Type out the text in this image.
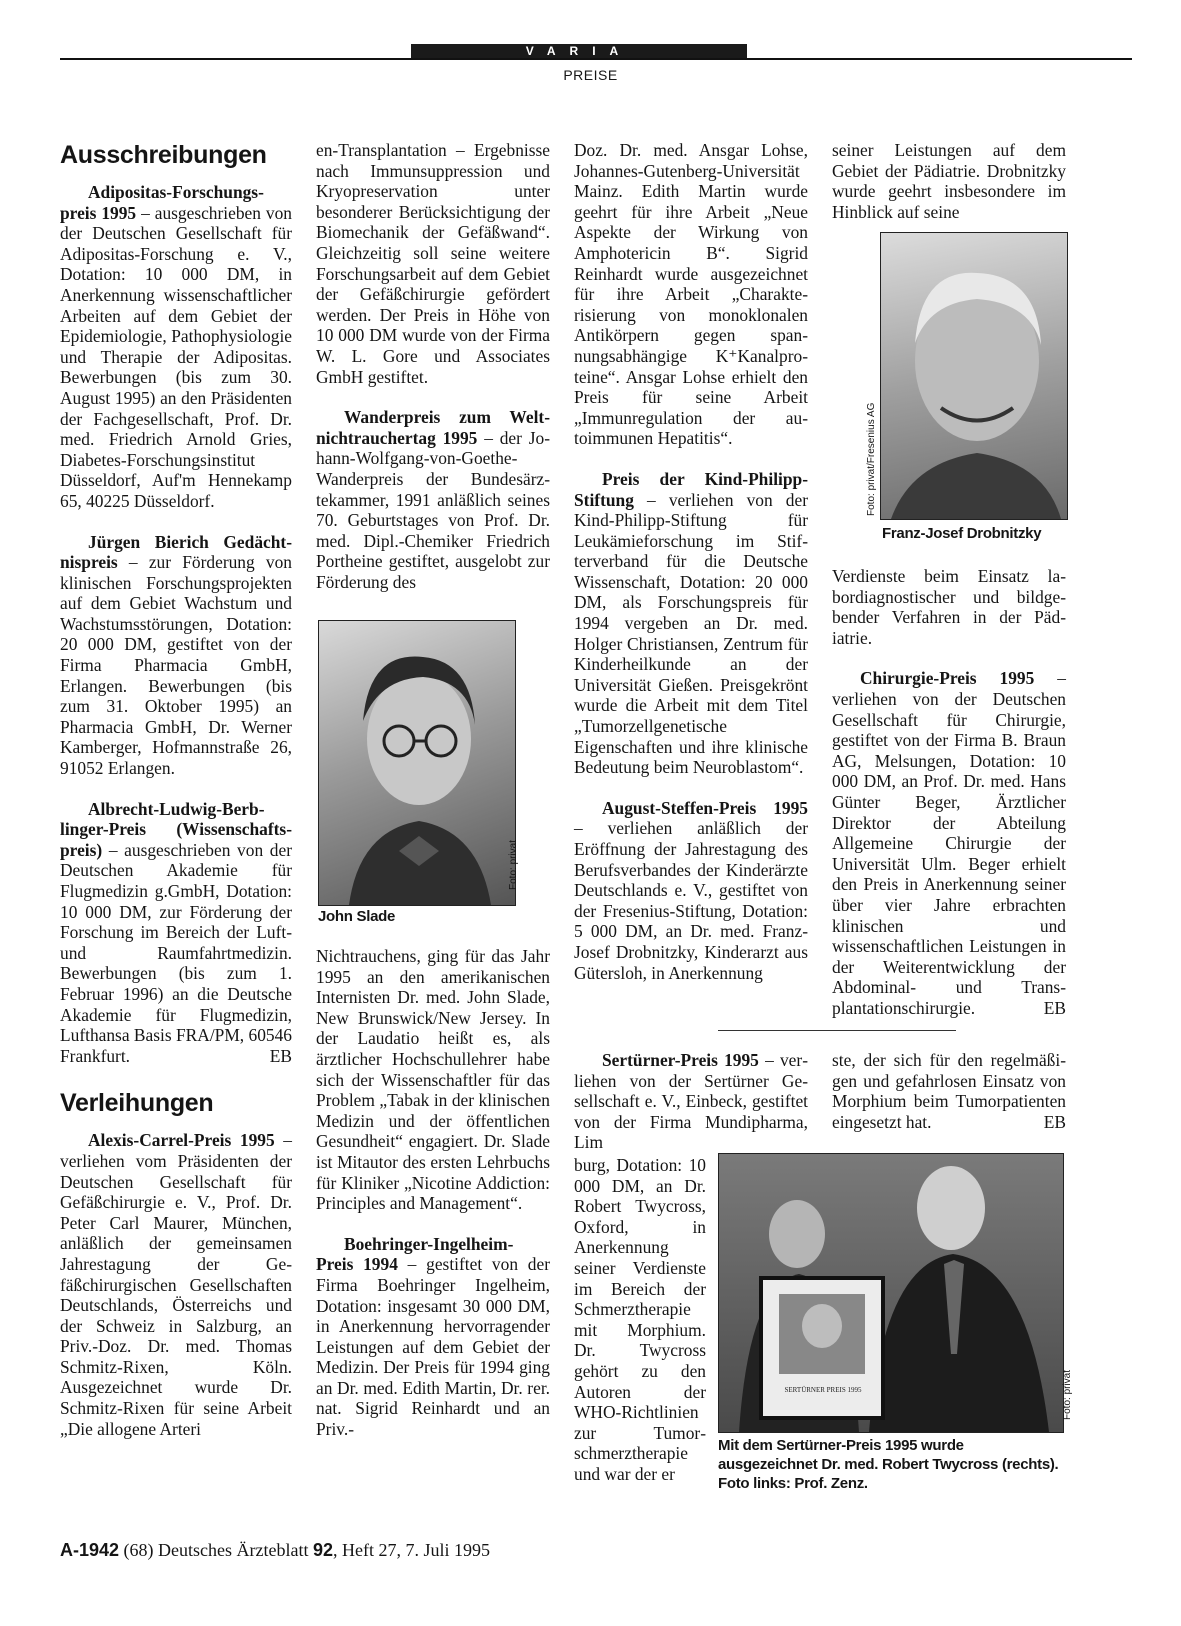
VARIA
PREISE
Ausschreibungen

Adipositas-Forschungspreis 1995 – ausgeschrieben von der Deutschen Gesellschaft für Adipositas-Forschung e. V., Dotation: 10 000 DM, in Anerkennung wissenschaftlicher Arbeiten auf dem Gebiet der Epidemiologie, Pathophysiologie und Therapie der Adipositas. Bewerbungen (bis zum 30. August 1995) an den Präsidenten der Fachgesellschaft, Prof. Dr. med. Friedrich Arnold Gries, Diabetes-Forschungsinstitut Düsseldorf, Auf'm Hennekamp 65, 40225 Düsseldorf.

Jürgen Bierich Gedächtnispreis – zur Förderung von klinischen Forschungsprojekten auf dem Gebiet Wachstum und Wachstumsstörungen, Dotation: 20 000 DM, gestiftet von der Firma Pharmacia GmbH, Erlangen. Bewerbungen (bis zum 31. Oktober 1995) an Pharmacia GmbH, Dr. Werner Kamberger, Hofmannstraße 26, 91052 Erlangen.

Albrecht-Ludwig-Berblinger-Preis (Wissenschaftspreis) – ausgeschrieben von der Deutschen Akademie für Flugmedizin g.GmbH, Dotation: 10 000 DM, zur Förderung der Forschung im Bereich der Luft- und Raumfahrtmedizin. Bewerbungen (bis zum 1. Februar 1996) an die Deutsche Akademie für Flugmedizin, Lufthansa Basis FRA/PM, 60546 Frankfurt.	EB

Verleihungen

Alexis-Carrel-Preis 1995 – verliehen vom Präsidenten der Deutschen Gesellschaft für Gefäßchirurgie e. V., Prof. Dr. Peter Carl Maurer, München, anläßlich der gemeinsamen Jahrestagung der Gefäßchirurgischen Gesellschaften Deutschlands, Österreichs und der Schweiz in Salzburg, an Priv.-Doz. Dr. med. Thomas Schmitz-Rixen, Köln. Ausgezeichnet wurde Dr. Schmitz-Rixen für seine Arbeit „Die allogene Arteri

en-Transplantation – Ergebnisse nach Immunsuppression und Kryopreservation unter besonderer Berücksichtigung der Biomechanik der Gefäßwand“. Gleichzeitig soll seine weitere Forschungsarbeit auf dem Gebiet der Gefäßchirurgie gefördert werden. Der Preis in Höhe von 10 000 DM wurde von der Firma W. L. Gore und Associates GmbH gestiftet.

Wanderpreis zum Weltnichtrauchertag 1995 – der Johann-Wolfgang-von-Goethe-Wanderpreis der Bundesärztekammer, 1991 anläßlich seines 70. Geburtstages von Prof. Dr. med. Dipl.-Chemiker Friedrich Portheine gestiftet, ausgelobt zur Förderung des

Foto: privat
John Slade

Nichtrauchens, ging für das Jahr 1995 an den amerikanischen Internisten Dr. med. John Slade, New Brunswick/New Jersey. In der Laudatio heißt es, als ärztlicher Hochschullehrer habe sich der Wissenschaftler für das Problem „Tabak in der klinischen Medizin und der öffentlichen Gesundheit“ engagiert. Dr. Slade ist Mitautor des ersten Lehrbuchs für Kliniker „Nicotine Addiction: Principles and Management“.

Boehringer-Ingelheim-Preis 1994 – gestiftet von der Firma Boehringer Ingelheim, Dotation: insgesamt 30 000 DM, in Anerkennung hervorragender Leistungen auf dem Gebiet der Medizin. Der Preis für 1994 ging an Dr. med. Edith Martin, Dr. rer. nat. Sigrid Reinhardt und an Priv.-

Doz. Dr. med. Ansgar Lohse, Johannes-Gutenberg-Universität Mainz. Edith Martin wurde geehrt für ihre Arbeit „Neue Aspekte der Wirkung von Amphotericin B“. Sigrid Reinhardt wurde ausgezeichnet für ihre Arbeit „Charakterisierung von monoklonalen Antikörpern gegen spannungsabhängige K⁺Kanalproteine“. Ansgar Lohse erhielt den Preis für seine Arbeit „Immunregulation der autoimmunen Hepatitis“.

Preis der Kind-Philipp-Stiftung – verliehen von der Kind-Philipp-Stiftung für Leukämieforschung im Stifterverband für die Deutsche Wissenschaft, Dotation: 20 000 DM, als Forschungspreis für 1994 vergeben an Dr. med. Holger Christiansen, Zentrum für Kinderheilkunde an der Universität Gießen. Preisgekrönt wurde die Arbeit mit dem Titel „Tumorzellgenetische Eigenschaften und ihre klinische Bedeutung beim Neuroblastom“.

August-Steffen-Preis 1995 – verliehen anläßlich der Eröffnung der Jahrestagung des Berufsverbandes der Kinderärzte Deutschlands e. V., gestiftet von der Fresenius-Stiftung, Dotation: 5 000 DM, an Dr. med. Franz-Josef Drobnitzky, Kinderarzt aus Gütersloh, in Anerkennung

seiner Leistungen auf dem Gebiet der Pädiatrie. Drobnitzky wurde geehrt insbesondere im Hinblick auf seine

Foto: privat/Fresenius AG
Franz-Josef Drobnitzky

Verdienste beim Einsatz labordiagnostischer und bildgebender Verfahren in der Pädiatrie.

Chirurgie-Preis 1995 – verliehen von der Deutschen Gesellschaft für Chirurgie, gestiftet von der Firma B. Braun AG, Melsungen, Dotation: 10 000 DM, an Prof. Dr. med. Hans Günter Beger, Ärztlicher Direktor der Abteilung Allgemeine Chirurgie der Universität Ulm. Beger erhielt den Preis in Anerkennung seiner über vier Jahre erbrachten klinischen und wissenschaftlichen Leistungen in der Weiterentwicklung der Abdominal- und Transplantationschirurgie.	EB

Sertürner-Preis 1995 – verliehen von der Sertürner Gesellschaft e. V., Einbeck, gestiftet von der Firma Mundipharma, Lim

burg, Dotation: 10 000 DM, an Dr. Robert Twycross, Oxford, in Anerkennung seiner Verdienste im Bereich der Schmerztherapie mit Morphium. Dr. Twycross gehört zu den Autoren der WHO-Richtlinien zur Tumorschmerztherapie und war der er

ste, der sich für den regelmäßigen und gefahrlosen Einsatz von Morphium beim Tumorpatienten eingesetzt hat.	EB

SERTÜRNER PREIS 1995	Foto: privat
Mit dem Sertürner-Preis 1995 wurde ausgezeichnet Dr. med. Robert Twycross (rechts). Foto links: Prof. Zenz.
A-1942 (68) Deutsches Ärzteblatt 92, Heft 27, 7. Juli 1995
